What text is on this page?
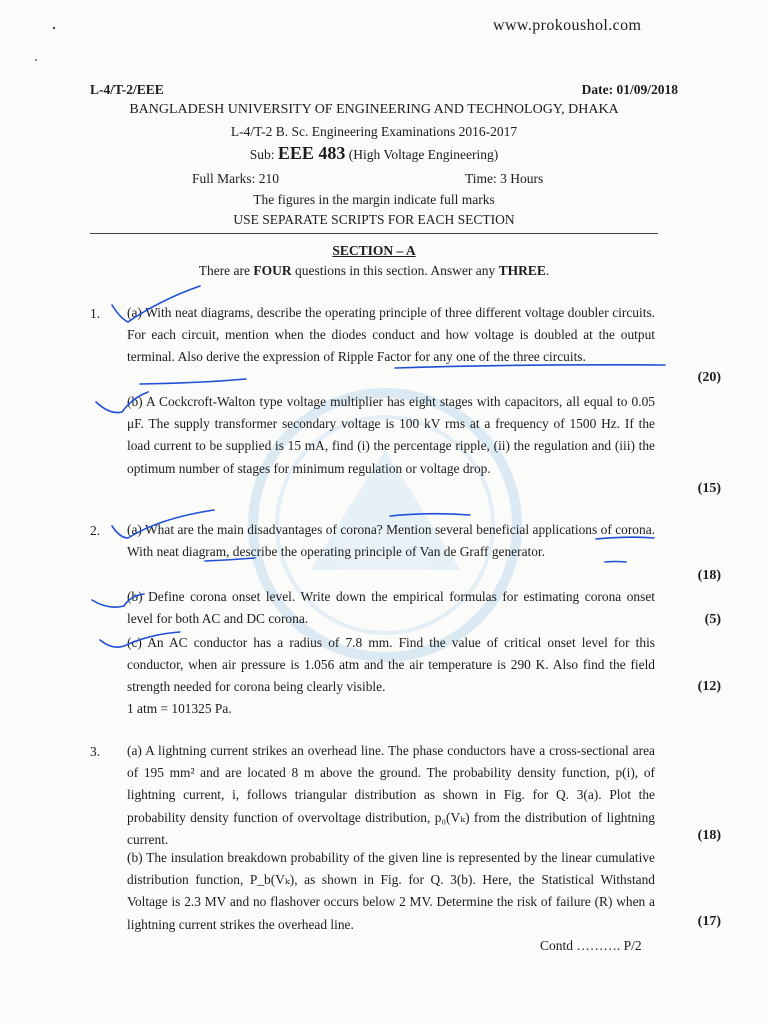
www.prokoushol.com
L-4/T-2/EEE	Date: 01/09/2018
BANGLADESH UNIVERSITY OF ENGINEERING AND TECHNOLOGY, DHAKA
L-4/T-2 B. Sc. Engineering Examinations 2016-2017
Sub: EEE 483 (High Voltage Engineering)
Full Marks: 210	Time: 3 Hours
The figures in the margin indicate full marks
USE SEPARATE SCRIPTS FOR EACH SECTION
SECTION – A
There are FOUR questions in this section. Answer any THREE.
1. (a) With neat diagrams, describe the operating principle of three different voltage doubler circuits. For each circuit, mention when the diodes conduct and how voltage is doubled at the output terminal. Also derive the expression of Ripple Factor for any one of the three circuits.
(20)
(b) A Cockcroft-Walton type voltage multiplier has eight stages with capacitors, all equal to 0.05 μF. The supply transformer secondary voltage is 100 kV rms at a frequency of 1500 Hz. If the load current to be supplied is 15 mA, find (i) the percentage ripple, (ii) the regulation and (iii) the optimum number of stages for minimum regulation or voltage drop.
(15)
2. (a) What are the main disadvantages of corona? Mention several beneficial applications of corona. With neat diagram, describe the operating principle of Van de Graff generator.
(18)
(b) Define corona onset level. Write down the empirical formulas for estimating corona onset level for both AC and DC corona.	(5)
(c) An AC conductor has a radius of 7.8 mm. Find the value of critical onset level for this conductor, when air pressure is 1.056 atm and the air temperature is 290 K. Also find the field strength needed for corona being clearly visible.	(12)
1 atm = 101325 Pa.
3. (a) A lightning current strikes an overhead line. The phase conductors have a cross-sectional area of 195 mm² and are located 8 m above the ground. The probability density function, p(i), of lightning current, i, follows triangular distribution as shown in Fig. for Q. 3(a). Plot the probability density function of overvoltage distribution, p₀(Vₖ) from the distribution of lightning current.	(18)
(b) The insulation breakdown probability of the given line is represented by the linear cumulative distribution function, P_b(Vₖ), as shown in Fig. for Q. 3(b). Here, the Statistical Withstand Voltage is 2.3 MV and no flashover occurs below 2 MV. Determine the risk of failure (R) when a lightning current strikes the overhead line.	(17)
Contd ………. P/2
